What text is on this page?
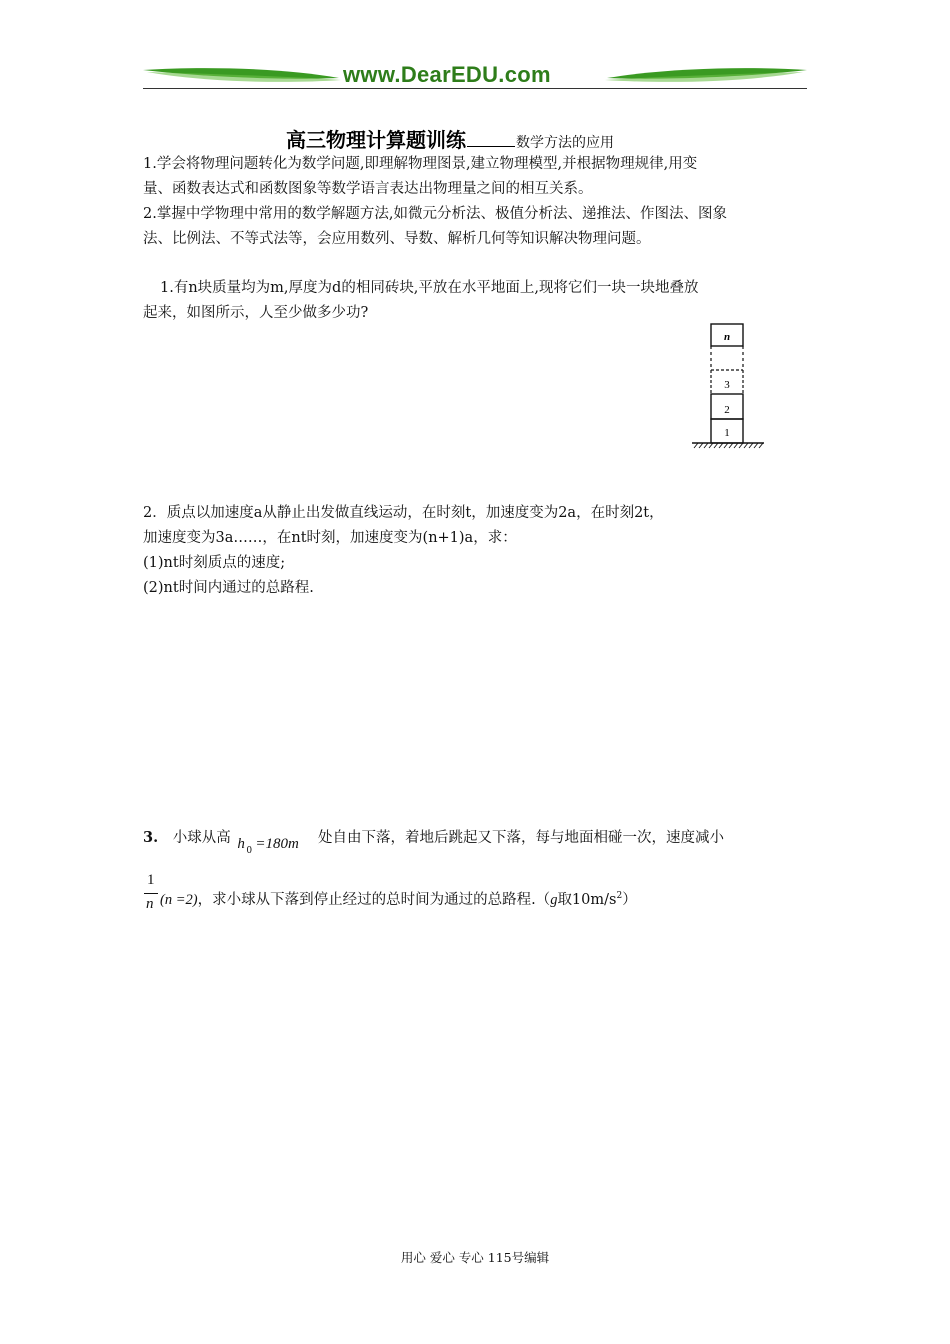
www.DearEDU.com
高三物理计算题训练	数学方法的应用
1.学会将物理问题转化为数学问题,即理解物理图景,建立物理模型,并根据物理规律,用变
量、函数表达式和函数图象等数学语言表达出物理量之间的相互关系。
2.掌握中学物理中常用的数学解题方法,如微元分析法、极值分析法、递推法、作图法、图象
法、比例法、不等式法等，会应用数列、导数、解析几何等知识解决物理问题。
1.有n块质量均为m,厚度为d的相同砖块,平放在水平地面上,现将它们一块一块地叠放
起来，如图所示，人至少做多少功?
n
3
2
1
2．质点以加速度a从静止出发做直线运动，在时刻t，加速度变为2a，在时刻2t，
加速度变为3a……，在nt时刻，加速度变为(n+1)a，求：
(1)nt时刻质点的速度;
(2)nt时间内通过的总路程.
3. 小球从高 h 0 =180m 处自由下落，着地后跳起又下落，每与地面相碰一次，速度减小
1
n (n =2)，求小球从下落到停止经过的总时间为通过的总路程.（g取$10m/s^2$）
用心 爱心 专心 115号编辑
